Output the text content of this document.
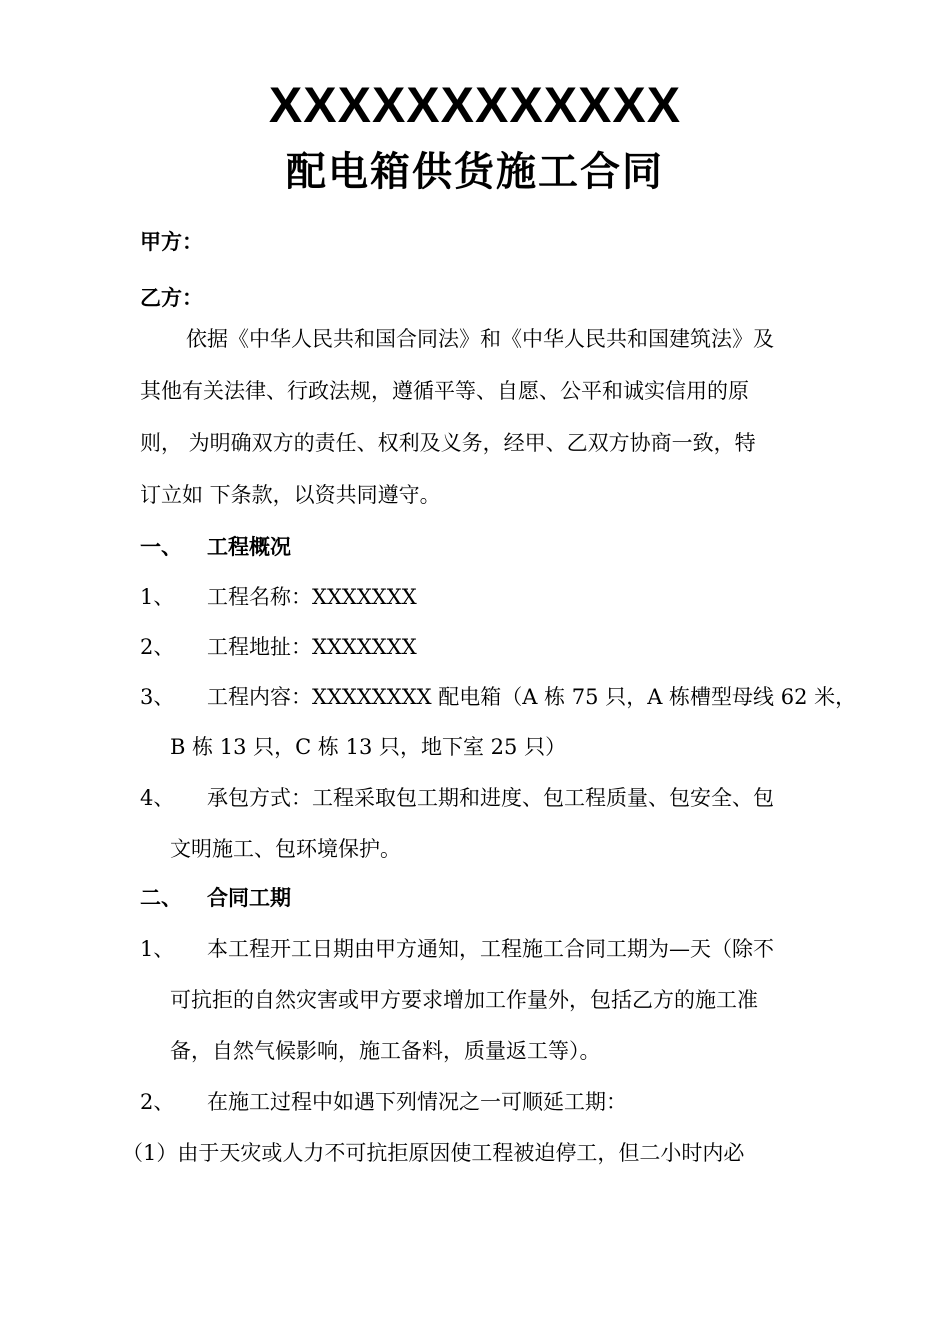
XXXXXXXXXXXX
配电箱供货施工合同
甲方：
乙方：
依据《中华人民共和国合同法》和《中华人民共和国建筑法》及
其他有关法律、行政法规，遵循平等、自愿、公平和诚实信用的原
则， 为明确双方的责任、权利及义务，经甲、乙双方协商一致，特
订立如 下条款，以资共同遵守。
一、 工程概况
1、 工程名称：XXXXXXX
2、 工程地扯：XXXXXXX
3、 工程内容：XXXXXXXX 配电箱（A 栋 75 只，A 栋槽型母线 62 米，
B 栋 13 只，C 栋 13 只，地下室 25 只）
4、 承包方式：工程采取包工期和进度、包工程质量、包安全、包
文明施工、包环境保护。
二、 合同工期
1、 本工程开工日期由甲方通知，工程施工合同工期为—天（除不
可抗拒的自然灾害或甲方要求增加工作量外，包括乙方的施工准
备，自然气候影响，施工备料，质量返工等）。
2、 在施工过程中如遇下列情况之一可顺延工期：
（1）由于天灾或人力不可抗拒原因使工程被迫停工，但二小时内必
